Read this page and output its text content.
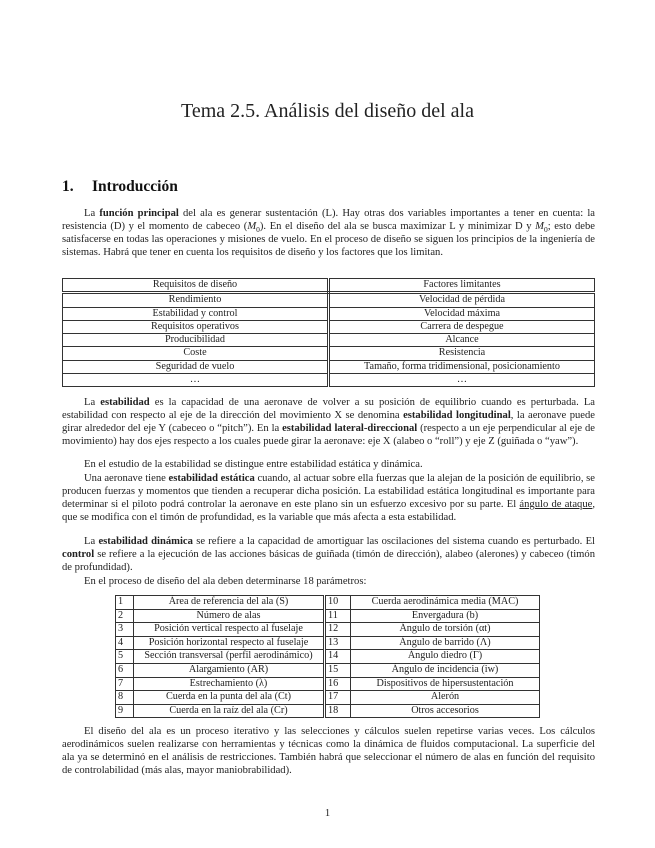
Tema 2.5. Análisis del diseño del ala
1. Introducción

La función principal del ala es generar sustentación (L). Hay otras dos variables importantes a tener en cuenta: la resistencia (D) y el momento de cabeceo $(M_0)$. En el diseño del ala se busca maximizar L y minimizar D y $M_0$; esto debe satisfacerse en todas las operaciones y misiones de vuelo. En el proceso de diseño se siguen los principios de la ingeniería de sistemas. Habrá que tener en cuenta los requisitos de diseño y los factores que los limitan.

Requisitos de diseño	Factores limitantes
Rendimiento	Velocidad de pérdida
Estabilidad y control	Velocidad máxima
Requisitos operativos	Carrera de despegue
Producibilidad	Alcance
Coste	Resistencia
Seguridad de vuelo	Tamaño, forma tridimensional, posicionamiento
…	…

La estabilidad es la capacidad de una aeronave de volver a su posición de equilibrio cuando es perturbada. La estabilidad con respecto al eje de la dirección del movimiento X se denomina estabilidad longitudinal, la aeronave puede girar alrededor del eje Y (cabeceo o “pitch”). En la estabilidad lateral-direccional (respecto a un eje perpendicular al eje de movimiento) hay dos ejes respecto a los cuales puede girar la aeronave: eje X (alabeo o “roll”) y eje Z (guiñada o “yaw”).

En el estudio de la estabilidad se distingue entre estabilidad estática y dinámica.

Una aeronave tiene estabilidad estática cuando, al actuar sobre ella fuerzas que la alejan de la posición de equilibrio, se producen fuerzas y momentos que tienden a recuperar dicha posición. La estabilidad estática longitudinal es importante para determinar si el piloto podrá controlar la aeronave en este plano sin un esfuerzo excesivo por su parte. El ángulo de ataque, que se modifica con el timón de profundidad, es la variable que más afecta a esta estabilidad.

La estabilidad dinámica se refiere a la capacidad de amortiguar las oscilaciones del sistema cuando es perturbado. El control se refiere a la ejecución de las acciones básicas de guiñada (timón de dirección), alabeo (alerones) y cabeceo (timón de profundidad).

En el proceso de diseño del ala deben determinarse 18 parámetros:

1	Área de referencia del ala (S)	10	Cuerda aerodinámica media (MAC)
2	Número de alas	11	Envergadura (b)
3	Posición vertical respecto al fuselaje	12	Ángulo de torsión (αt)
4	Posición horizontal respecto al fuselaje	13	Ángulo de barrido (Λ)
5	Sección transversal (perfil aerodinámico)	14	Ángulo diedro (Γ)
6	Alargamiento (AR)	15	Ángulo de incidencia (iw)
7	Estrechamiento (λ)	16	Dispositivos de hipersustentación
8	Cuerda en la punta del ala (Ct)	17	Alerón
9	Cuerda en la raíz del ala (Cr)	18	Otros accesorios

El diseño del ala es un proceso iterativo y las selecciones y cálculos suelen repetirse varias veces. Los cálculos aerodinámicos suelen realizarse con herramientas y técnicas como la dinámica de fluidos computacional. La superficie del ala ya se determinó en el análisis de restricciones. También habrá que seleccionar el número de alas en función del requisito de controlabilidad (más alas, mayor maniobrabilidad).

1
